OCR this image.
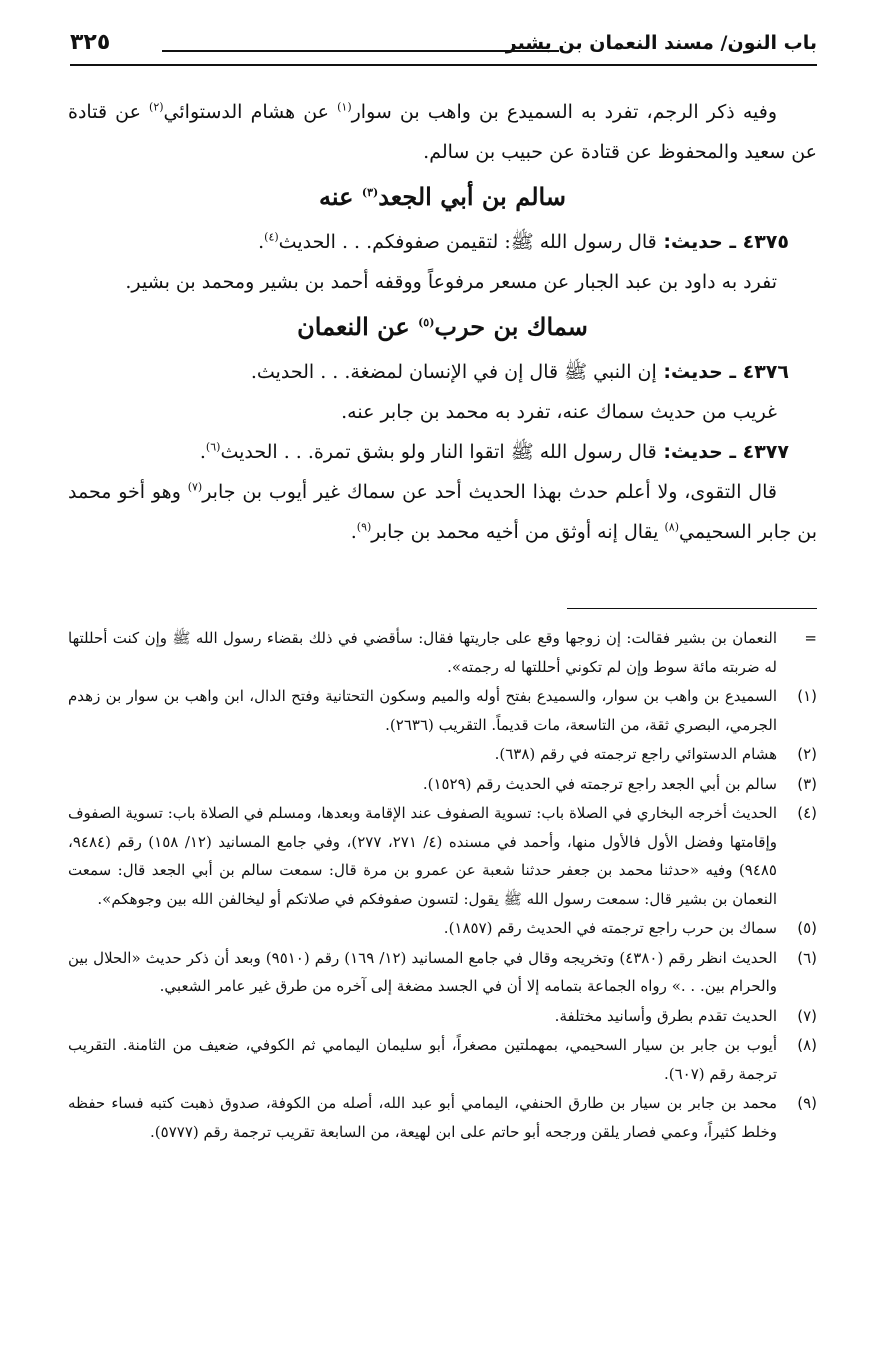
باب النون/ مسند النعمان بن بشير
٣٢٥

وفيه ذكر الرجم، تفرد به السميدع بن واهب بن سوار$^{(١)}$ عن هشام الدستوائي$^{(٢)}$ عن قتادة عن سعيد والمحفوظ عن قتادة عن حبيب بن سالم.

سالم بن أبي الجعد$^{(٣)}$ عنه

٤٣٧٥ ـ حديث: قال رسول الله ﷺ: لتقيمن صفوفكم. . . الحديث$^{(٤)}$.

تفرد به داود بن عبد الجبار عن مسعر مرفوعاً ووقفه أحمد بن بشير ومحمد بن بشير.

سماك بن حرب$^{(٥)}$ عن النعمان

٤٣٧٦ ـ حديث: إن النبي ﷺ قال إن في الإنسان لمضغة. . . الحديث.

غريب من حديث سماك عنه، تفرد به محمد بن جابر عنه.

٤٣٧٧ ـ حديث: قال رسول الله ﷺ اتقوا النار ولو بشق تمرة. . . الحديث$^{(٦)}$.

قال التقوى، ولا أعلم حدث بهذا الحديث أحد عن سماك غير أيوب بن جابر$^{(٧)}$ وهو أخو محمد بن جابر السحيمي$^{(٨)}$ يقال إنه أوثق من أخيه محمد بن جابر$^{(٩)}$.

=
النعمان بن بشير فقالت: إن زوجها وقع على جاريتها فقال: سأقضي في ذلك بقضاء رسول الله ﷺ وإن كنت أحللتها له ضربته مائة سوط وإن لم تكوني أحللتها له رجمته».

(١)
السميدع بن واهب بن سوار، والسميدع بفتح أوله والميم وسكون التحتانية وفتح الدال، ابن واهب بن سوار بن زهدم الجرمي، البصري ثقة، من التاسعة، مات قديماً. التقريب (٢٦٣٦).

(٢)
هشام الدستوائي راجع ترجمته في رقم (٦٣٨).

(٣)
سالم بن أبي الجعد راجع ترجمته في الحديث رقم (١٥٢٩).

(٤)
الحديث أخرجه البخاري في الصلاة باب: تسوية الصفوف عند الإقامة وبعدها، ومسلم في الصلاة باب: تسوية الصفوف وإقامتها وفضل الأول فالأول منها، وأحمد في مسنده (٤/ ٢٧١، ٢٧٧)، وفي جامع المسانيد (١٢/ ١٥٨) رقم (٩٤٨٤، ٩٤٨٥) وفيه «حدثنا محمد بن جعفر حدثنا شعبة عن عمرو بن مرة قال: سمعت سالم بن أبي الجعد قال: سمعت النعمان بن بشير قال: سمعت رسول الله ﷺ يقول: لتسون صفوفكم في صلاتكم أو ليخالفن الله بين وجوهكم».

(٥)
سماك بن حرب راجع ترجمته في الحديث رقم (١٨٥٧).

(٦)
الحديث انظر رقم (٤٣٨٠) وتخريجه وقال في جامع المسانيد (١٢/ ١٦٩) رقم (٩٥١٠) وبعد أن ذكر حديث «الحلال بين والحرام بين. . .» رواه الجماعة بتمامه إلا أن في الجسد مضغة إلى آخره من طرق غير عامر الشعبي.

(٧)
الحديث تقدم بطرق وأسانيد مختلفة.

(٨)
أيوب بن جابر بن سيار السحيمي، بمهملتين مصغراً، أبو سليمان اليمامي ثم الكوفي، ضعيف من الثامنة. التقريب ترجمة رقم (٦٠٧).

(٩)
محمد بن جابر بن سيار بن طارق الحنفي، اليمامي أبو عبد الله، أصله من الكوفة، صدوق ذهبت كتبه فساء حفظه وخلط كثيراً، وعمي فصار يلقن ورجحه أبو حاتم على ابن لهيعة، من السابعة تقريب ترجمة رقم (٥٧٧٧).
